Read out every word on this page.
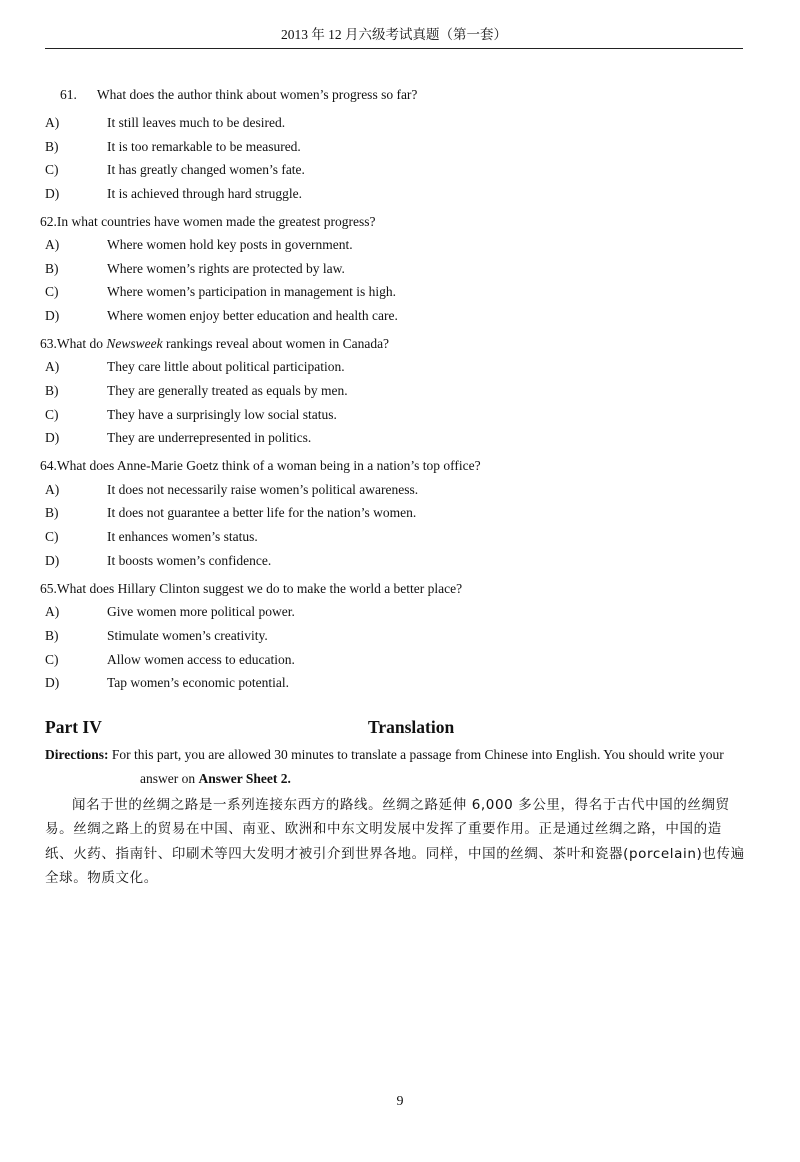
2013 年 12 月六级考试真题（第一套）
61. What does the author think about women’s progress so far?
A)	It still leaves much to be desired.
B)	It is too remarkable to be measured.
C)	It has greatly changed women’s fate.
D)	It is achieved through hard struggle.
62.In what countries have women made the greatest progress?
A)	Where women hold key posts in government.
B)	Where women’s rights are protected by law.
C)	Where women’s participation in management is high.
D)	Where women enjoy better education and health care.
63.What do Newsweek rankings reveal about women in Canada?
A)	They care little about political participation.
B)	They are generally treated as equals by men.
C)	They have a surprisingly low social status.
D)	They are underrepresented in politics.
64.What does Anne-Marie Goetz think of a woman being in a nation’s top office?
A)	It does not necessarily raise women’s political awareness.
B)	It does not guarantee a better life for the nation’s women.
C)	It enhances women’s status.
D)	It boosts women’s confidence.
65.What does Hillary Clinton suggest we do to make the world a better place?
A)	Give women more political power.
B)	Stimulate women’s creativity.
C)	Allow women access to education.
D)	Tap women’s economic potential.
Part IV	Translation
Directions: For this part, you are allowed 30 minutes to translate a passage from Chinese into English. You should write your
answer on Answer Sheet 2.
闻名于世的丝绸之路是一系列连接东西方的路线。丝绸之路延伸 6,000 多公里，得名于古代中国的丝绸贸易。丝绸之路上的贸易在中国、南亚、欧洲和中东文明发展中发挥了重要作用。正是通过丝绸之路，中国的造纸、火药、指南针、印刷术等四大发明才被引介到世界各地。同样，中国的丝绸、茶叶和瓷器(porcelain)也传遍全球。物质文化。
9
